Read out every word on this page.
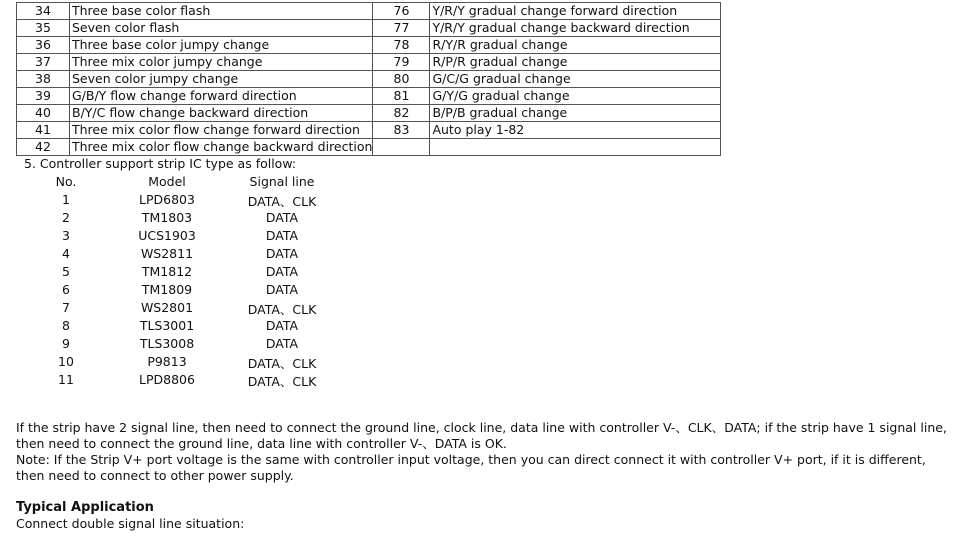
34	Three base color flash	76	Y/R/Y gradual change forward direction
35	Seven color flash	77	Y/R/Y gradual change backward direction
36	Three base color jumpy change	78	R/Y/R gradual change
37	Three mix color jumpy change	79	R/P/R gradual change
38	Seven color jumpy change	80	G/C/G gradual change
39	G/B/Y flow change forward direction	81	G/Y/G gradual change
40	B/Y/C flow change backward direction	82	B/P/B gradual change
41	Three mix color flow change forward direction	83	Auto play 1-82
42	Three mix color flow change backward direction		
5. Controller support strip IC type as follow:
No.	Model	Signal line
1	LPD6803	DATA、CLK
2	TM1803	DATA
3	UCS1903	DATA
4	WS2811	DATA
5	TM1812	DATA
6	TM1809	DATA
7	WS2801	DATA、CLK
8	TLS3001	DATA
9	TLS3008	DATA
10	P9813	DATA、CLK
11	LPD8806	DATA、CLK
If the strip have 2 signal line, then need to connect the ground line, clock line, data line with controller V-、CLK、DATA; if the strip have 1 signal line, then need to connect the ground line, data line with controller V-、DATA is OK.
Note: If the Strip V+ port voltage is the same with controller input voltage, then you can direct connect it with controller V+ port, if it is different, then need to connect to other power supply.
Typical Application
Connect double signal line situation:
